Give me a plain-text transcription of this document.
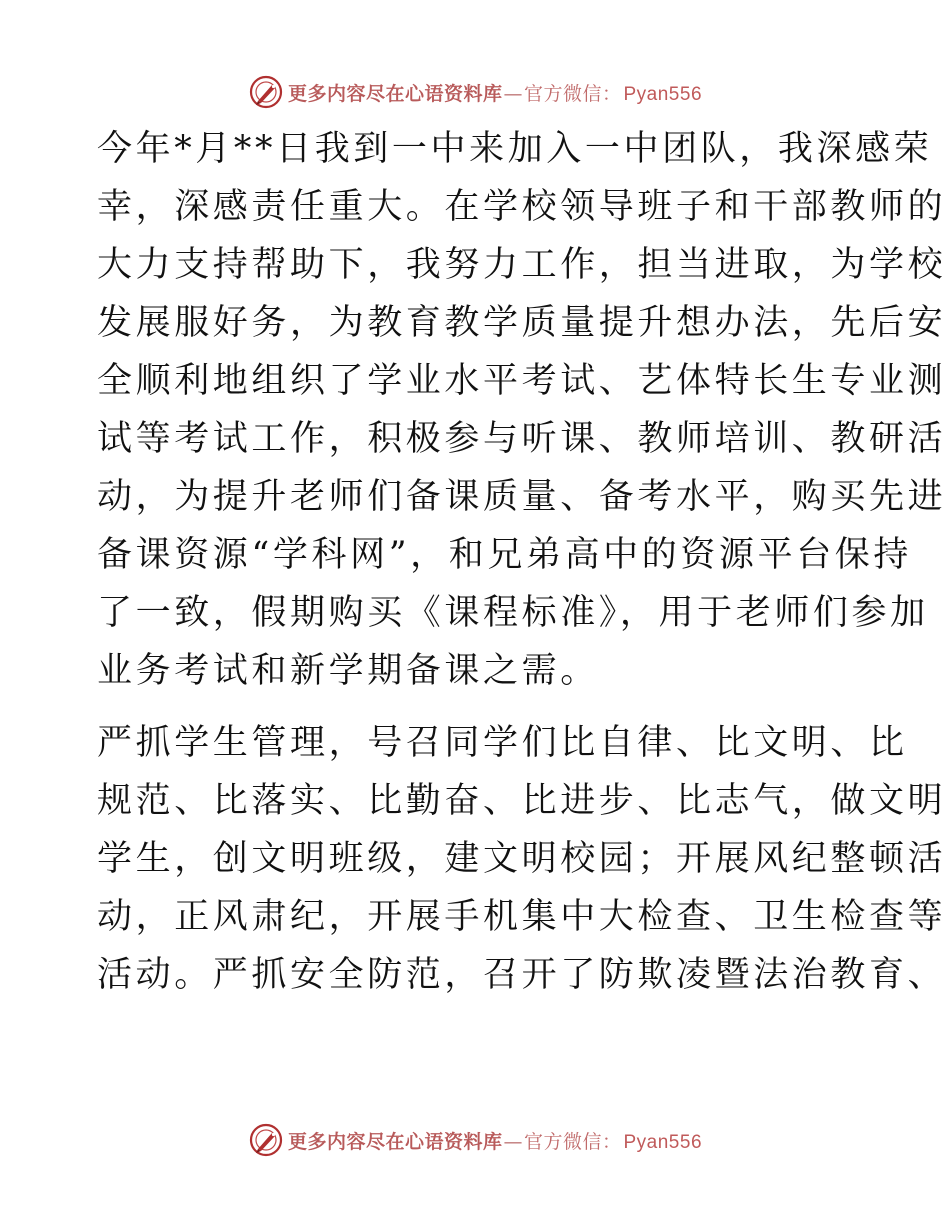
更多内容尽在心语资料库—官方微信： Pyan556

今年*月**日我到一中来加入一中团队，我深感荣
幸，深感责任重大。在学校领导班子和干部教师的
大力支持帮助下，我努力工作，担当进取，为学校
发展服好务，为教育教学质量提升想办法，先后安
全顺利地组织了学业水平考试、艺体特长生专业测
试等考试工作，积极参与听课、教师培训、教研活
动，为提升老师们备课质量、备考水平，购买先进
备课资源“学科网”，和兄弟高中的资源平台保持
了一致，假期购买《课程标准》，用于老师们参加
业务考试和新学期备课之需。

严抓学生管理，号召同学们比自律、比文明、比
规范、比落实、比勤奋、比进步、比志气，做文明
学生，创文明班级，建文明校园；开展风纪整顿活
动，正风肃纪，开展手机集中大检查、卫生检查等
活动。严抓安全防范，召开了防欺凌暨法治教育、

更多内容尽在心语资料库—官方微信： Pyan556
